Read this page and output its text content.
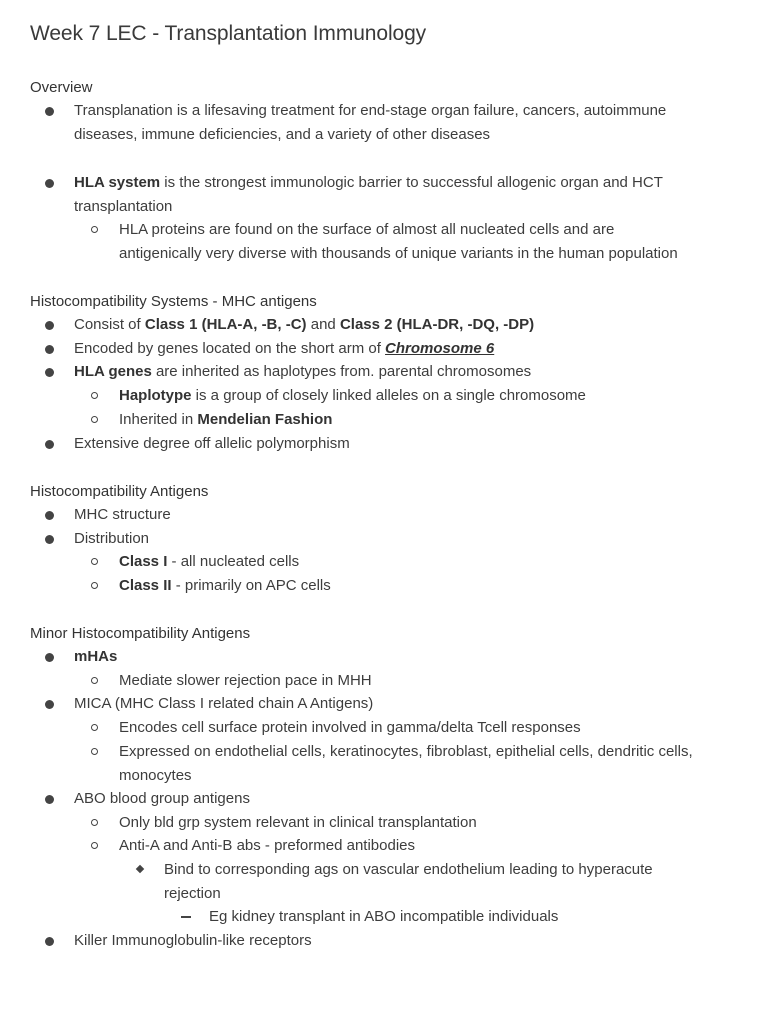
Week 7 LEC - Transplantation Immunology
Overview
Transplanation is a lifesaving treatment for end-stage organ failure, cancers, autoimmune
diseases, immune deficiencies, and a variety of other diseases
HLA system is the strongest immunologic barrier to successful allogenic organ and HCT
transplantation
HLA proteins are found on the surface of almost all nucleated cells and are
antigenically very diverse with thousands of unique variants in the human population
Histocompatibility Systems - MHC antigens
Consist of Class 1 (HLA-A, -B, -C) and Class 2 (HLA-DR, -DQ, -DP)
Encoded by genes located on the short arm of Chromosome 6
HLA genes are inherited as haplotypes from. parental chromosomes
Haplotype is a group of closely linked alleles on a single chromosome
Inherited in Mendelian Fashion
Extensive degree off allelic polymorphism
Histocompatibility Antigens
MHC structure
Distribution
Class I - all nucleated cells
Class II - primarily on APC cells
Minor Histocompatibility Antigens
mHAs
Mediate slower rejection pace in MHH
MICA (MHC Class I related chain A Antigens)
Encodes cell surface protein involved in gamma/delta Tcell responses
Expressed on endothelial cells, keratinocytes, fibroblast, epithelial cells, dendritic cells,
monocytes
ABO blood group antigens
Only bld grp system relevant in clinical transplantation
Anti-A and Anti-B abs - preformed antibodies
Bind to corresponding ags on vascular endothelium leading to hyperacute
rejection
Eg kidney transplant in ABO incompatible individuals
Killer Immunoglobulin-like receptors
